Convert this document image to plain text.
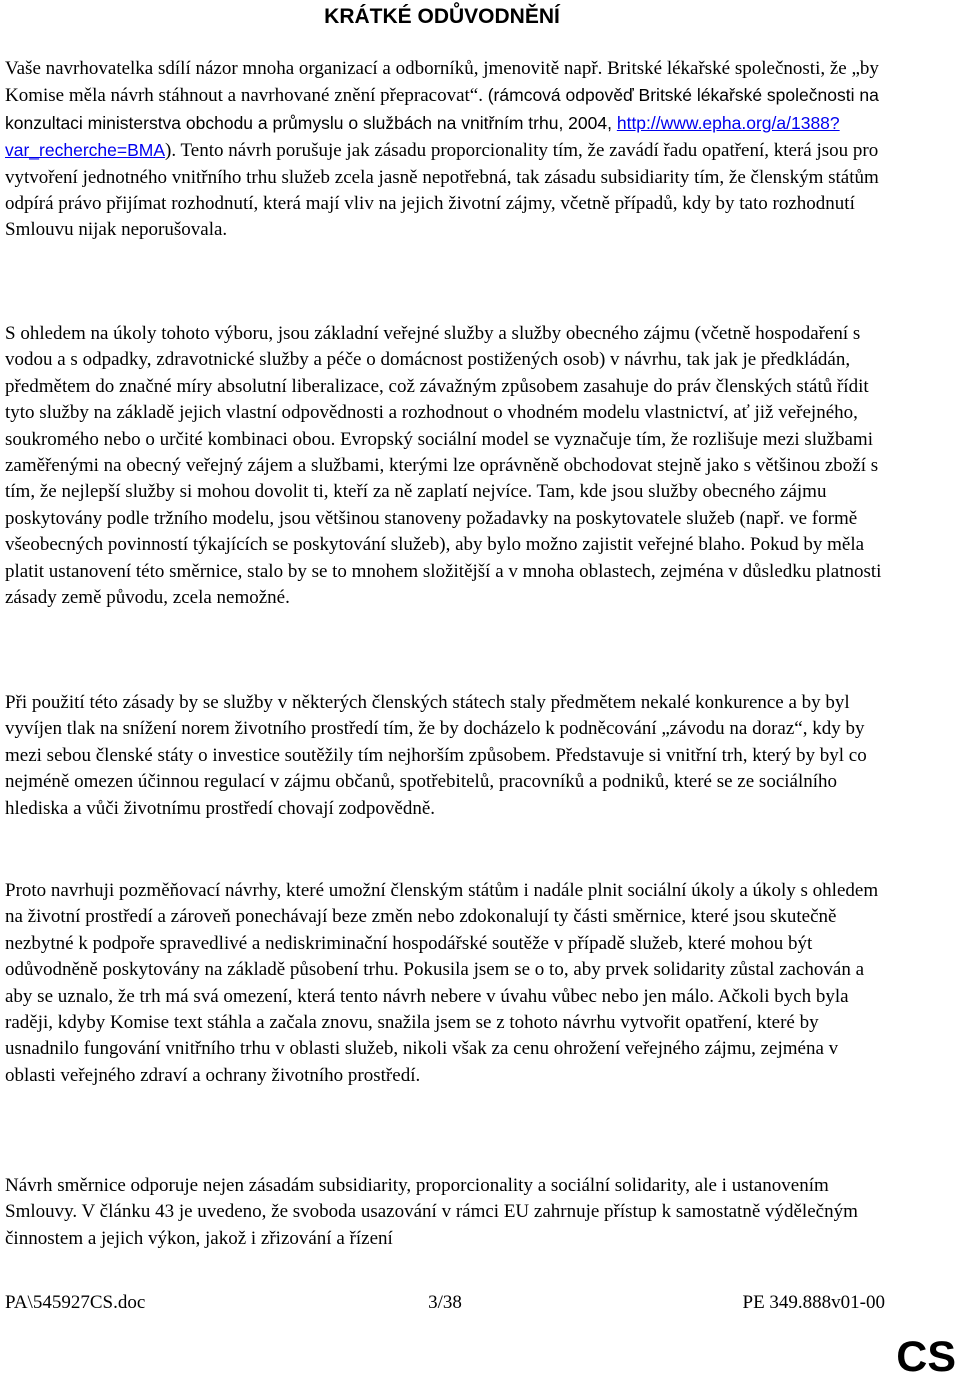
KRÁTKÉ ODŮVODNĚNÍ

Vaše navrhovatelka sdílí názor mnoha organizací a odborníků, jmenovitě např. Britské lékařské společnosti, že „by Komise měla návrh stáhnout a navrhované znění přepracovat“. (rámcová odpověď Britské lékařské společnosti na konzultaci ministerstva obchodu a průmyslu o službách na vnitřním trhu, 2004, http://www.epha.org/a/1388?var_recherche=BMA). Tento návrh porušuje jak zásadu proporcionality tím, že zavádí řadu opatření, která jsou pro vytvoření jednotného vnitřního trhu služeb zcela jasně nepotřebná, tak zásadu subsidiarity tím, že členským státům odpírá právo přijímat rozhodnutí, která mají vliv na jejich životní zájmy, včetně případů, kdy by tato rozhodnutí Smlouvu nijak neporušovala.

S ohledem na úkoly tohoto výboru, jsou základní veřejné služby a služby obecného zájmu (včetně hospodaření s vodou a s odpadky, zdravotnické služby a péče o domácnost postižených osob) v návrhu, tak jak je předkládán, předmětem do značné míry absolutní liberalizace, což závažným způsobem zasahuje do práv členských států řídit tyto služby na základě jejich vlastní odpovědnosti a rozhodnout o vhodném modelu vlastnictví, ať již veřejného, soukromého nebo o určité kombinaci obou. Evropský sociální model se vyznačuje tím, že rozlišuje mezi službami zaměřenými na obecný veřejný zájem a službami, kterými lze oprávněně obchodovat stejně jako s většinou zboží s tím, že nejlepší služby si mohou dovolit ti, kteří za ně zaplatí nejvíce. Tam, kde jsou služby obecného zájmu poskytovány podle tržního modelu, jsou většinou stanoveny požadavky na poskytovatele služeb (např. ve formě všeobecných povinností týkajících se poskytování služeb), aby bylo možno zajistit veřejné blaho. Pokud by měla platit ustanovení této směrnice, stalo by se to mnohem složitější a v mnoha oblastech, zejména v důsledku platnosti zásady země původu, zcela nemožné.

Při použití této zásady by se služby v některých členských státech staly předmětem nekalé konkurence a by byl vyvíjen tlak na snížení norem životního prostředí tím, že by docházelo k podněcování „závodu na doraz“, kdy by mezi sebou členské státy o investice soutěžily tím nejhorším způsobem. Představuje si vnitřní trh, který by byl co nejméně omezen účinnou regulací v zájmu občanů, spotřebitelů, pracovníků a podniků, které se ze sociálního hlediska a vůči životnímu prostředí chovají zodpovědně.

Proto navrhuji pozměňovací návrhy, které umožní členským státům i nadále plnit sociální úkoly a úkoly s ohledem na životní prostředí a zároveň ponechávají beze změn nebo zdokonalují ty části směrnice, které jsou skutečně nezbytné k podpoře spravedlivé a nediskriminační hospodářské soutěže v případě služeb, které mohou být odůvodněně poskytovány na základě působení trhu. Pokusila jsem se o to, aby prvek solidarity zůstal zachován a aby se uznalo, že trh má svá omezení, která tento návrh nebere v úvahu vůbec nebo jen málo. Ačkoli bych byla raději, kdyby Komise text stáhla a začala znovu, snažila jsem se z tohoto návrhu vytvořit opatření, které by usnadnilo fungování vnitřního trhu v oblasti služeb, nikoli však za cenu ohrožení veřejného zájmu, zejména v oblasti veřejného zdraví a ochrany životního prostředí.

Návrh směrnice odporuje nejen zásadám subsidiarity, proporcionality a sociální solidarity, ale i ustanovením Smlouvy. V článku 43 je uvedeno, že svoboda usazování v rámci EU zahrnuje přístup k samostatně výdělečným činnostem a jejich výkon, jakož i zřizování a řízení

PA\545927CS.doc	3/38	PE 349.888v01-00
CS
